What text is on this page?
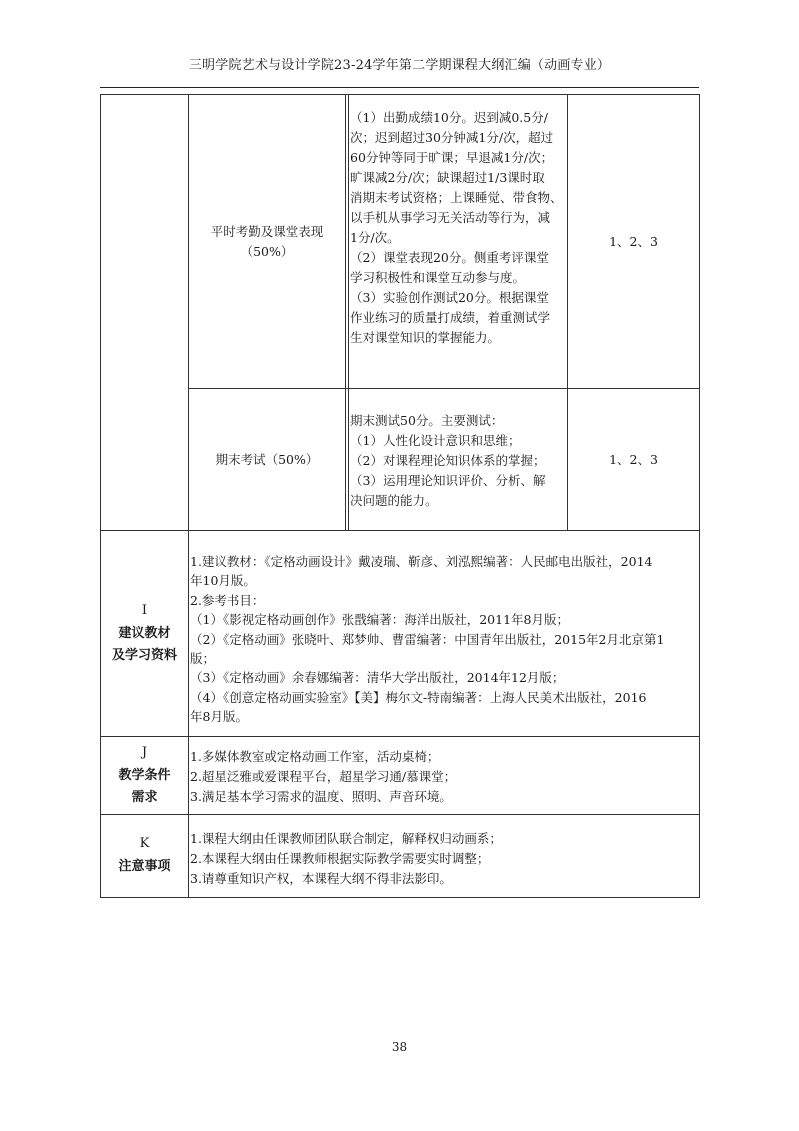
三明学院艺术与设计学院23-24学年第二学期课程大纲汇编（动画专业）
平时考勤及课堂表现
（50%）
（1）出勤成绩10分。迟到减0.5分/
次；迟到超过30分钟减1分/次，超过
60分钟等同于旷课；早退减1分/次；
旷课减2分/次；缺课超过1/3课时取
消期末考试资格；上课睡觉、带食物、
以手机从事学习无关活动等行为，减
1分/次。
（2）课堂表现20分。侧重考评课堂
学习积极性和课堂互动参与度。
（3）实验创作测试20分。根据课堂
作业练习的质量打成绩，着重测试学
生对课堂知识的掌握能力。
1、2、3
期末考试（50%）
期末测试50分。主要测试：
（1）人性化设计意识和思维；
（2）对课程理论知识体系的掌握；
（3）运用理论知识评价、分析、解
决问题的能力。
1、2、3
I
建议教材
及学习资料
1.建议教材：《定格动画设计》戴凌瑞、靳彦、刘泓熙编著：人民邮电出版社，2014
年10月版。
2.参考书目：
（1）《影视定格动画创作》张戬编著：海洋出版社，2011年8月版；
（2）《定格动画》张晓叶、郑梦帅、曹雷编著：中国青年出版社，2015年2月北京第1
版；
（3）《定格动画》余春娜编著：清华大学出版社，2014年12月版；
（4）《创意定格动画实验室》【美】梅尔文-特南编著：上海人民美术出版社，2016
年8月版。
J
教学条件
需求
1.多媒体教室或定格动画工作室，活动桌椅；
2.超星泛雅或爱课程平台，超星学习通/慕课堂；
3.满足基本学习需求的温度、照明、声音环境。
K
注意事项
1.课程大纲由任课教师团队联合制定，解释权归动画系；
2.本课程大纲由任课教师根据实际教学需要实时调整；
3.请尊重知识产权，本课程大纲不得非法影印。
38
